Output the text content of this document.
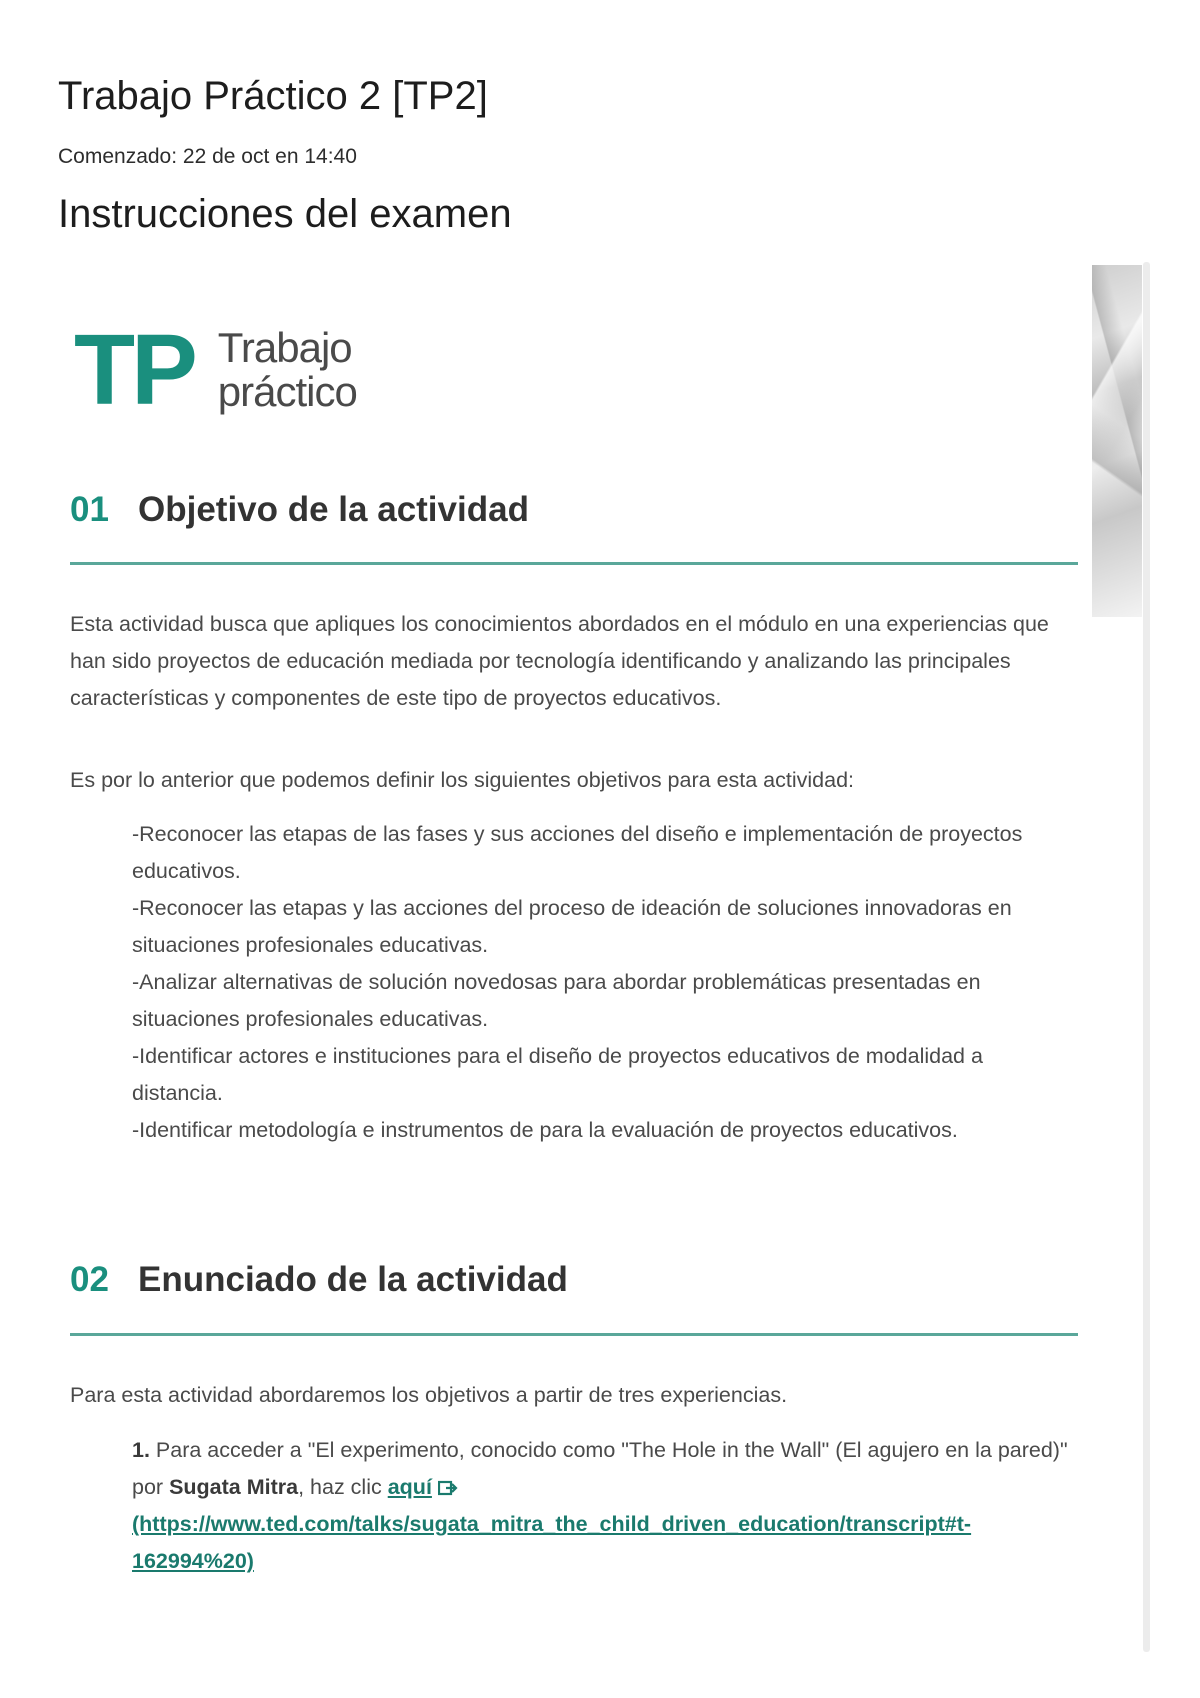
Trabajo Práctico 2 [TP2]
Comenzado: 22 de oct en 14:40
Instrucciones del examen
TP Trabajo
práctico
01 Objetivo de la actividad

Esta actividad busca que apliques los conocimientos abordados en el módulo en una experiencias que han sido proyectos de educación mediada por tecnología identificando y analizando las principales características y componentes de este tipo de proyectos educativos.

Es por lo anterior que podemos definir los siguientes objetivos para esta actividad:

-Reconocer las etapas de las fases y sus acciones del diseño e implementación de proyectos educativos.
-Reconocer las etapas y las acciones del proceso de ideación de soluciones innovadoras en situaciones profesionales educativas.
-Analizar alternativas de solución novedosas para abordar problemáticas presentadas en situaciones profesionales educativas.
-Identificar actores e instituciones para el diseño de proyectos educativos de modalidad a distancia.
-Identificar metodología e instrumentos de para la evaluación de proyectos educativos.
02 Enunciado de la actividad

Para esta actividad abordaremos los objetivos a partir de tres experiencias.

1. Para acceder a "El experimento, conocido como "The Hole in the Wall" (El agujero en la pared)" por Sugata Mitra, haz clic aquí
(https://www.ted.com/talks/sugata_mitra_the_child_driven_education/transcript#t-162994%20)
